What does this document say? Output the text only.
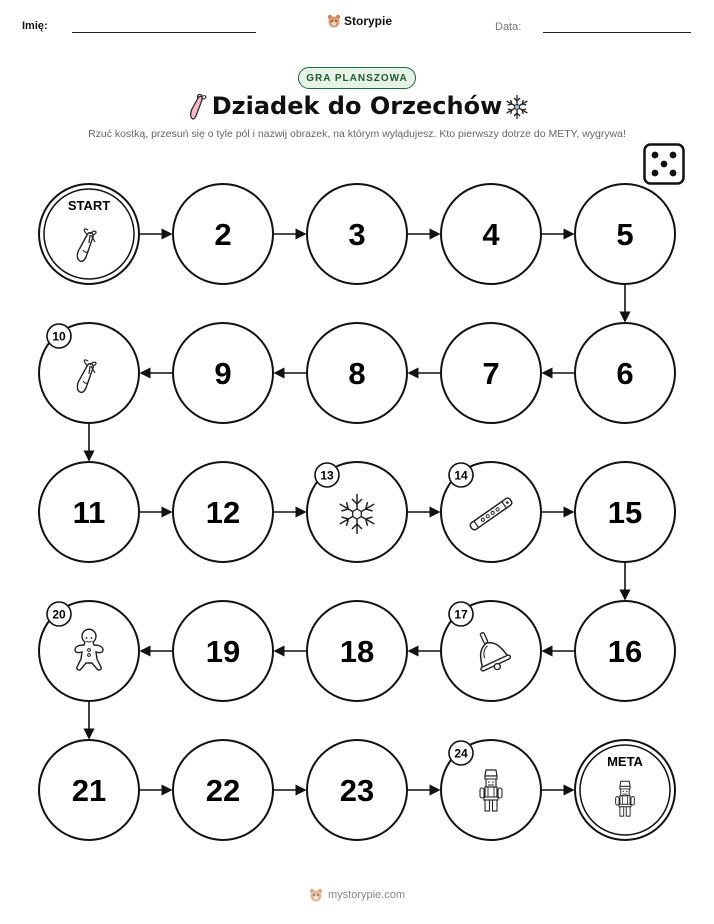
Imię:	Storypie	Data:
GRA PLANSZOWA
Dziadek do Orzechów
Rzuć kostką, przesuń się o tyle pól i nazwij obrazek, na którym wylądujesz. Kto pierwszy dotrze do METY, wygrywa!
START
2	3	4	5
6
7
8
9
10
11	12
13	14
15
16
17
18
19
20
21	22	23
24
META
mystorypie.com
